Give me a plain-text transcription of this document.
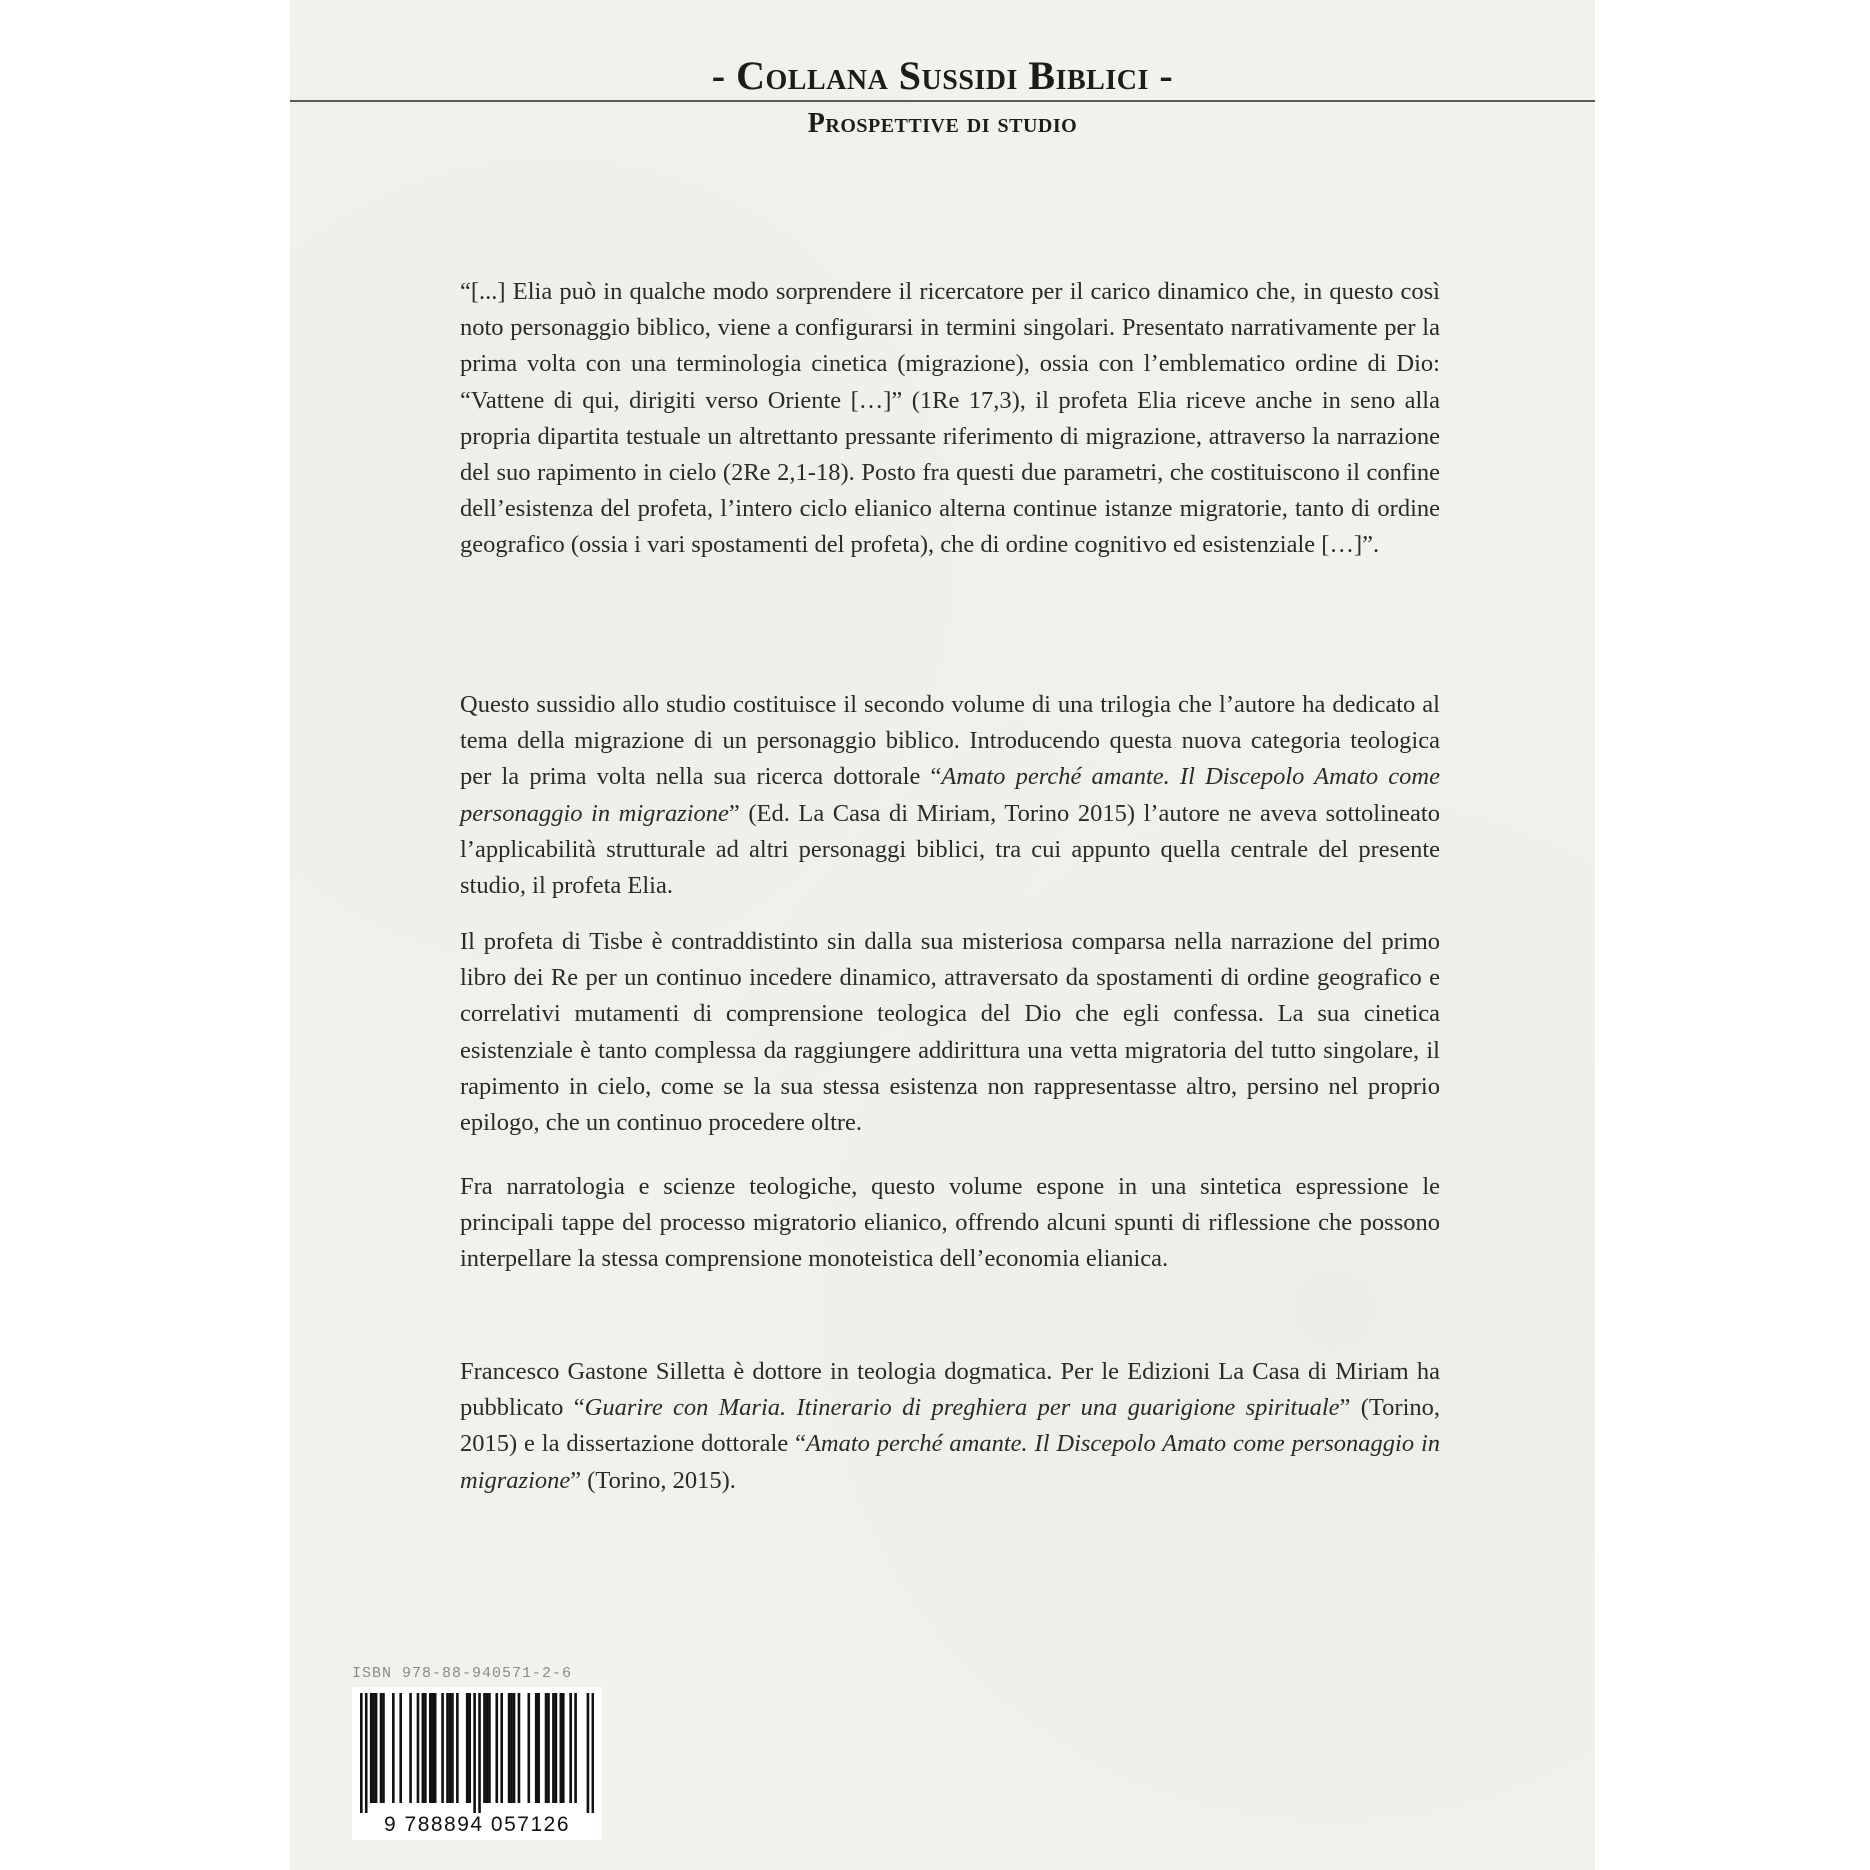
- Collana Sussidi Biblici -
Prospettive di studio

“[...] Elia può in qualche modo sorprendere il ricercatore per il carico dinamico che, in questo così noto personaggio biblico, viene a configurarsi in termini singolari. Presentato narrativamente per la prima volta con una terminologia cinetica (migrazione), ossia con l’emblematico ordine di Dio: “Vattene di qui, dirigiti verso Oriente […]” (1Re 17,3), il profeta Elia riceve anche in seno alla propria dipartita testuale un altrettanto pressante riferimento di migrazione, attraverso la narrazione del suo rapimento in cielo (2Re 2,1-18). Posto fra questi due parametri, che costituiscono il confine dell’esistenza del profeta, l’intero ciclo elianico alterna continue istanze migratorie, tanto di ordine geografico (ossia i vari spostamenti del profeta), che di ordine cognitivo ed esistenziale […]”.

Questo sussidio allo studio costituisce il secondo volume di una trilogia che l’autore ha dedicato al tema della migrazione di un personaggio biblico. Introducendo questa nuova categoria teologica per la prima volta nella sua ricerca dottorale “Amato perché amante. Il Discepolo Amato come personaggio in migrazione” (Ed. La Casa di Miriam, Torino 2015) l’autore ne aveva sottolineato l’applicabilità strutturale ad altri personaggi biblici, tra cui appunto quella centrale del presente studio, il profeta Elia.

Il profeta di Tisbe è contraddistinto sin dalla sua misteriosa comparsa nella narrazione del primo libro dei Re per un continuo incedere dinamico, attraversato da spostamenti di ordine geografico e correlativi mutamenti di comprensione teologica del Dio che egli confessa. La sua cinetica esistenziale è tanto complessa da raggiungere addirittura una vetta migratoria del tutto singolare, il rapimento in cielo, come se la sua stessa esistenza non rappresentasse altro, persino nel proprio epilogo, che un continuo procedere oltre.

Fra narratologia e scienze teologiche, questo volume espone in una sintetica espressione le principali tappe del processo migratorio elianico, offrendo alcuni spunti di riflessione che possono interpellare la stessa comprensione monoteistica dell’economia elianica.

Francesco Gastone Silletta è dottore in teologia dogmatica. Per le Edizioni La Casa di Miriam ha pubblicato “Guarire con Maria. Itinerario di preghiera per una guarigione spirituale” (Torino, 2015) e la dissertazione dottorale “Amato perché amante. Il Discepolo Amato come personaggio in migrazione” (Torino, 2015).

ISBN 978-88-940571-2-6
9 788894 057126
